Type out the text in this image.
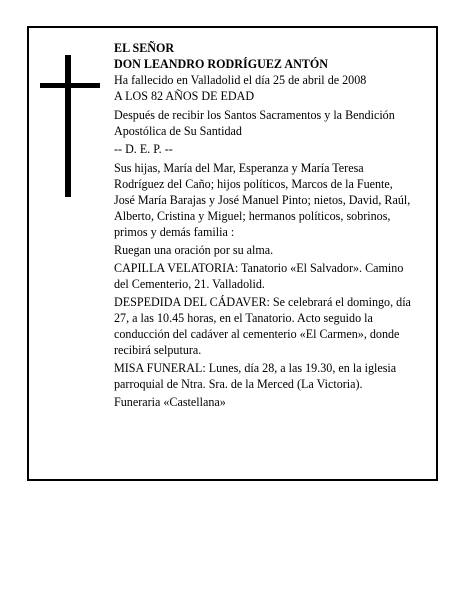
EL SEÑOR

DON LEANDRO RODRÍGUEZ ANTÓN

Ha fallecido en Valladolid el día 25 de abril de 2008

A LOS 82 AÑOS DE EDAD

Después de recibir los Santos Sacramentos y la Bendición Apostólica de Su Santidad

-- D. E. P. --

Sus hijas, María del Mar, Esperanza y María Teresa Rodríguez del Caño; hijos políticos, Marcos de la Fuente, José María Barajas y José Manuel Pinto; nietos, David, Raúl, Alberto, Cristina y Miguel; hermanos políticos, sobrinos, primos y demás familia :

Ruegan una oración por su alma.

CAPILLA VELATORIA: Tanatorio «El Salvador». Camino del Cementerio, 21. Valladolid.

DESPEDIDA DEL CÁDAVER: Se celebrará el domingo, día 27, a las 10.45 horas, en el Tanatorio. Acto seguido la conducción del cadáver al cementerio «El Carmen», donde recibirá selputura.

MISA FUNERAL: Lunes, día 28, a las 19.30, en la iglesia parroquial de Ntra. Sra. de la Merced (La Victoria).

Funeraria «Castellana»
